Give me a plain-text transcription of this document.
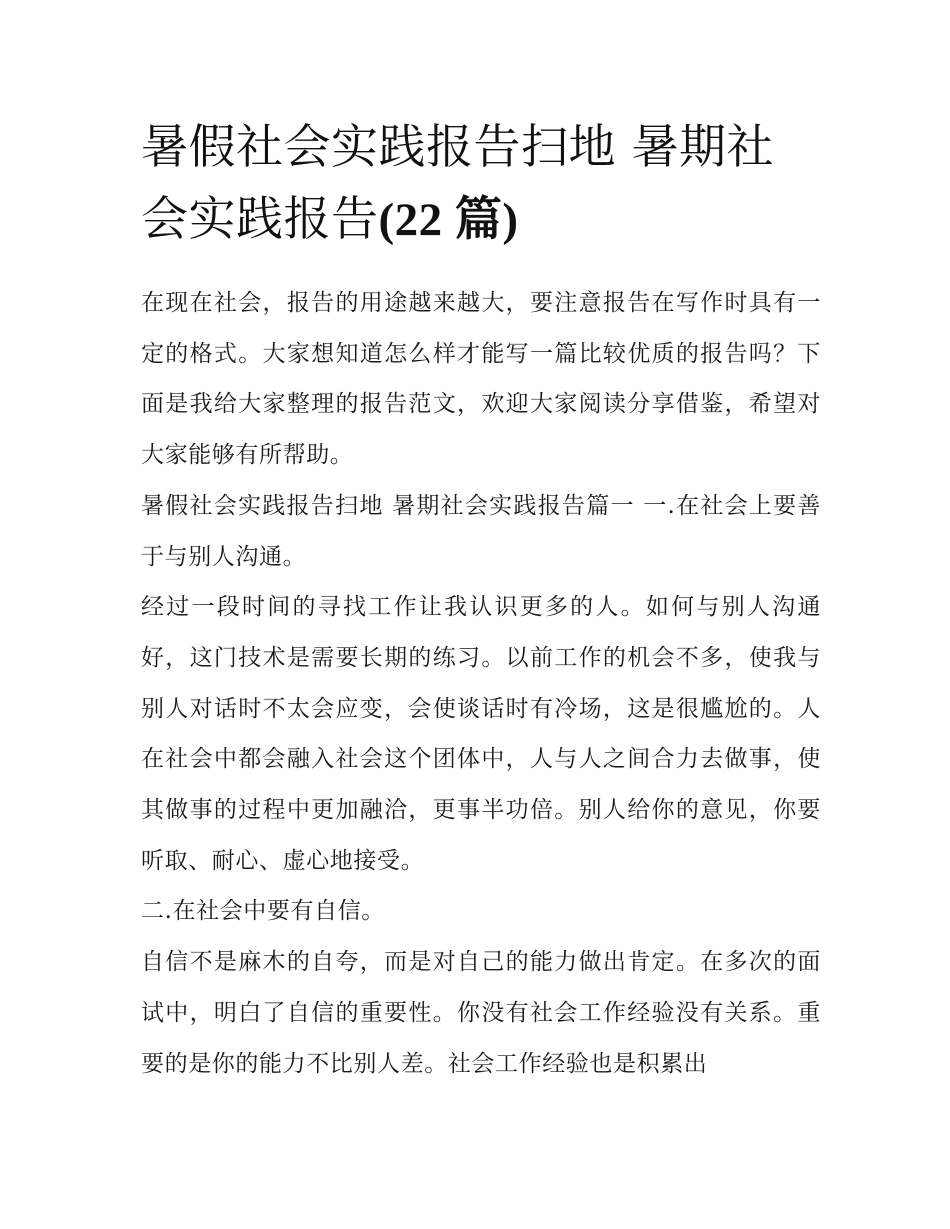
暑假社会实践报告扫地 暑期社会实践报告(22 篇)

在现在社会，报告的用途越来越大，要注意报告在写作时具有一定的格式。大家想知道怎么样才能写一篇比较优质的报告吗？下面是我给大家整理的报告范文，欢迎大家阅读分享借鉴，希望对大家能够有所帮助。

暑假社会实践报告扫地 暑期社会实践报告篇一 一.在社会上要善于与别人沟通。

经过一段时间的寻找工作让我认识更多的人。如何与别人沟通好，这门技术是需要长期的练习。以前工作的机会不多，使我与别人对话时不太会应变，会使谈话时有冷场，这是很尴尬的。人在社会中都会融入社会这个团体中，人与人之间合力去做事，使其做事的过程中更加融洽，更事半功倍。别人给你的意见，你要听取、耐心、虚心地接受。

二.在社会中要有自信。

自信不是麻木的自夸，而是对自己的能力做出肯定。在多次的面试中，明白了自信的重要性。你没有社会工作经验没有关系。重要的是你的能力不比别人差。社会工作经验也是积累出
